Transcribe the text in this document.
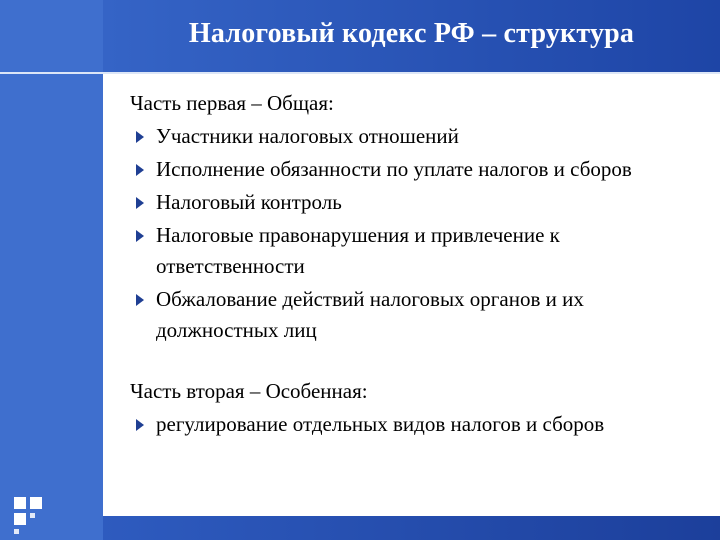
Налоговый кодекс РФ – структура

Часть первая – Общая:

Участники налоговых отношений
Исполнение обязанности по уплате налогов и сборов
Налоговый контроль
Налоговые правонарушения и привлечение к ответственности
Обжалование действий налоговых органов и их должностных лиц

Часть вторая – Особенная:

регулирование отдельных видов налогов и сборов
